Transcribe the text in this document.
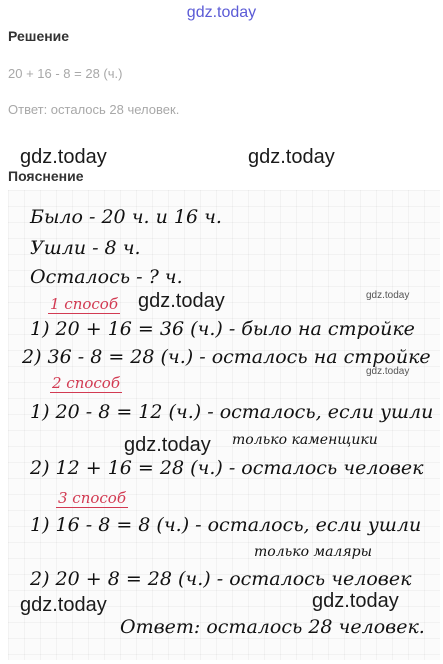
gdz.today
Решение
20 + 16 - 8 = 28 (ч.)
Ответ: осталось 28 человек.
gdz.today	gdz.today
Пояснение
Было - 20 ч. и 16 ч.
Ушли - 8 ч.
Осталось - ? ч.
1 способ gdz.today	gdz.today
1) 20 + 16 = 36 (ч.) - было на стройке
2) 36 - 8 = 28 (ч.) - осталось на стройке
gdz.today
2 способ
1) 20 - 8 = 12 (ч.) - осталось, если ушли
gdz.today только каменщики
2) 12 + 16 = 28 (ч.) - осталось человек
3 способ
1) 16 - 8 = 8 (ч.) - осталось, если ушли
только маляры
2) 20 + 8 = 28 (ч.) - осталось человек
gdz.today	gdz.today
Ответ: осталось 28 человек.
